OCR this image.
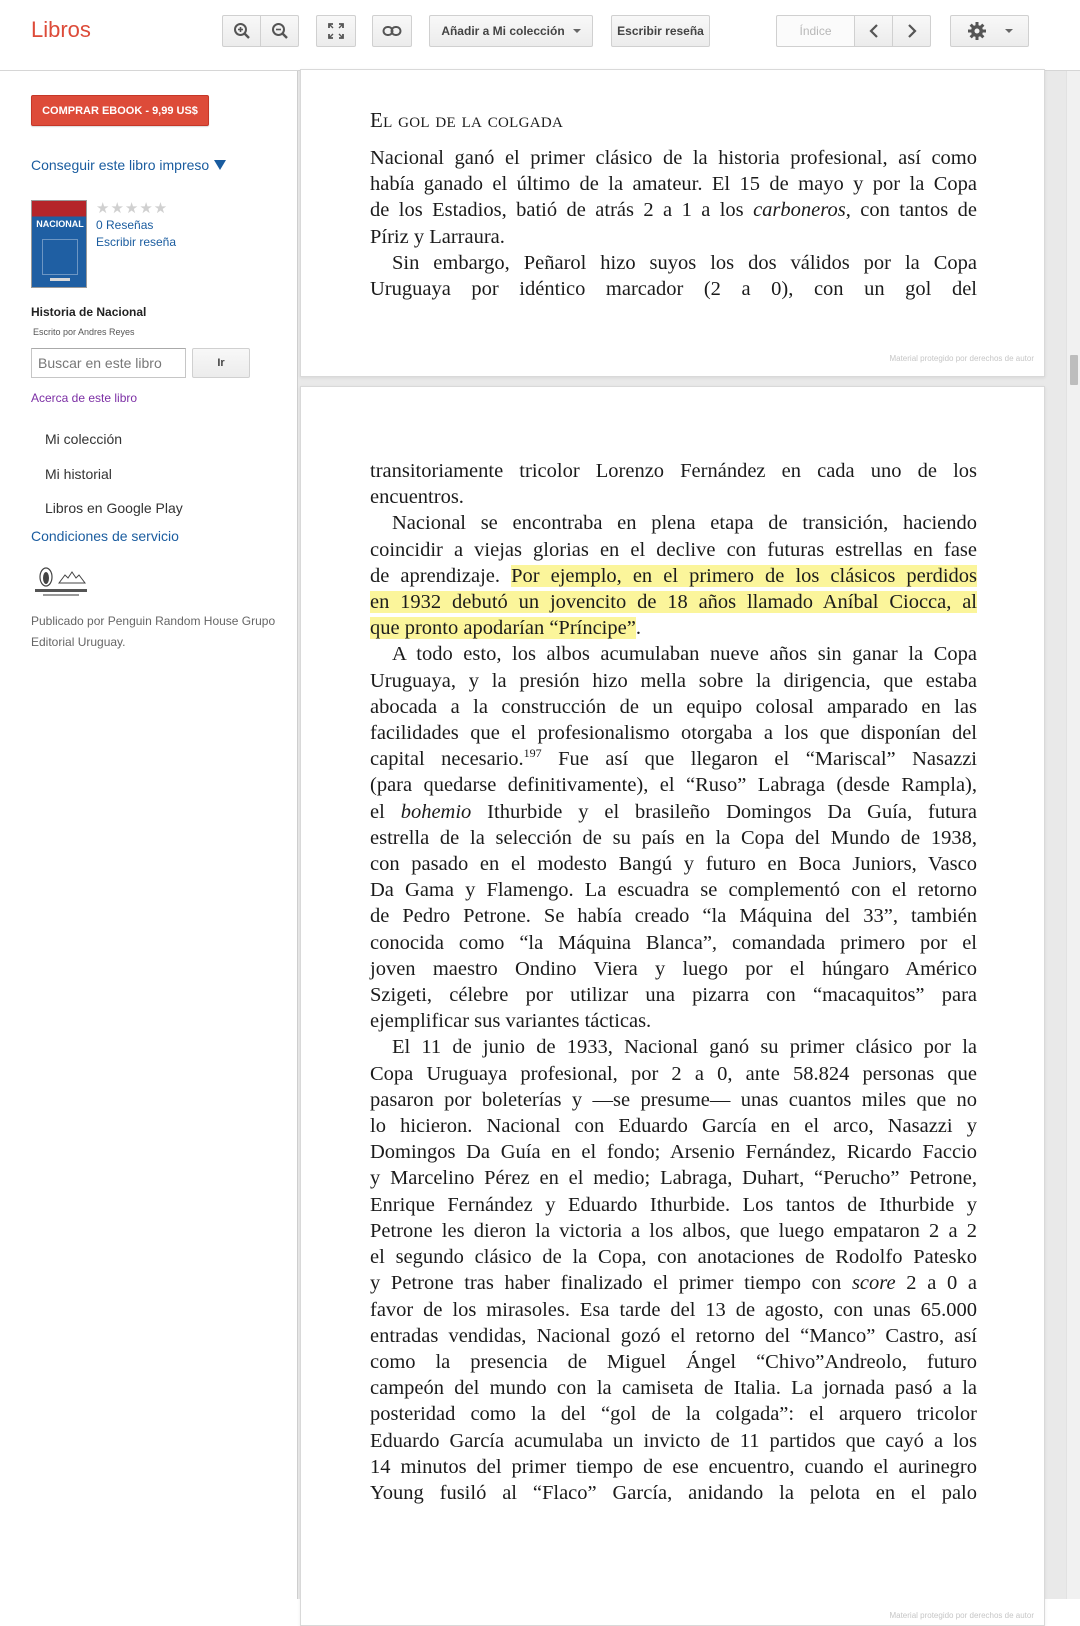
Libros	Añadir a Mi colección	Escribir reseña	Índice
COMPRAR EBOOK - 9,99 US$
Conseguir este libro impreso
NACIONAL
★★★★★
0 Reseñas
Escribir reseña
Historia de Nacional
Escrito por Andres Reyes
Buscar en este libro
Ir
Acerca de este libro
Mi colección
Mi historial
Libros en Google Play
Condiciones de servicio
Publicado por Penguin Random House Grupo Editorial Uruguay.
El gol de la colgada
Nacional ganó el primer clásico de la historia profesional, así como
había ganado el último de la amateur. El 15 de mayo y por la Copa
de los Estadios, batió de atrás 2 a 1 a los carboneros, con tantos de
Píriz y Larraura.
Sin embargo, Peñarol hizo suyos los dos válidos por la Copa
Uruguaya por idéntico marcador (2 a 0), con un gol del
Material protegido por derechos de autor
transitoriamente tricolor Lorenzo Fernández en cada uno de los
encuentros.
Nacional se encontraba en plena etapa de transición, haciendo
coincidir a viejas glorias en el declive con futuras estrellas en fase
de aprendizaje. Por ejemplo, en el primero de los clásicos perdidos
en 1932 debutó un jovencito de 18 años llamado Aníbal Ciocca, al
que pronto apodarían “Príncipe”.
A todo esto, los albos acumulaban nueve años sin ganar la Copa
Uruguaya, y la presión hizo mella sobre la dirigencia, que estaba
abocada a la construcción de un equipo colosal amparado en las
facilidades que el profesionalismo otorgaba a los que disponían del
capital necesario.$^{197}$ Fue así que llegaron el “Mariscal” Nasazzi
(para quedarse definitivamente), el “Ruso” Labraga (desde Rampla),
el bohemio Ithurbide y el brasileño Domingos Da Guía, futura
estrella de la selección de su país en la Copa del Mundo de 1938,
con pasado en el modesto Bangú y futuro en Boca Juniors, Vasco
Da Gama y Flamengo. La escuadra se complementó con el retorno
de Pedro Petrone. Se había creado “la Máquina del 33”, también
conocida como “la Máquina Blanca”, comandada primero por el
joven maestro Ondino Viera y luego por el húngaro Américo
Szigeti, célebre por utilizar una pizarra con “macaquitos” para
ejemplificar sus variantes tácticas.
El 11 de junio de 1933, Nacional ganó su primer clásico por la
Copa Uruguaya profesional, por 2 a 0, ante 58.824 personas que
pasaron por boleterías y —se presume— unas cuantos miles que no
lo hicieron. Nacional con Eduardo García en el arco, Nasazzi y
Domingos Da Guía en el fondo; Arsenio Fernández, Ricardo Faccio
y Marcelino Pérez en el medio; Labraga, Duhart, “Perucho” Petrone,
Enrique Fernández y Eduardo Ithurbide. Los tantos de Ithurbide y
Petrone les dieron la victoria a los albos, que luego empataron 2 a 2
el segundo clásico de la Copa, con anotaciones de Rodolfo Patesko
y Petrone tras haber finalizado el primer tiempo con score 2 a 0 a
favor de los mirasoles. Esa tarde del 13 de agosto, con unas 65.000
entradas vendidas, Nacional gozó el retorno del “Manco” Castro, así
como la presencia de Miguel Ángel “Chivo”Andreolo, futuro
campeón del mundo con la camiseta de Italia. La jornada pasó a la
posteridad como la del “gol de la colgada”: el arquero tricolor
Eduardo García acumulaba un invicto de 11 partidos que cayó a los
14 minutos del primer tiempo de ese encuentro, cuando el aurinegro
Young fusiló al “Flaco” García, anidando la pelota en el palo
Material protegido por derechos de autor
